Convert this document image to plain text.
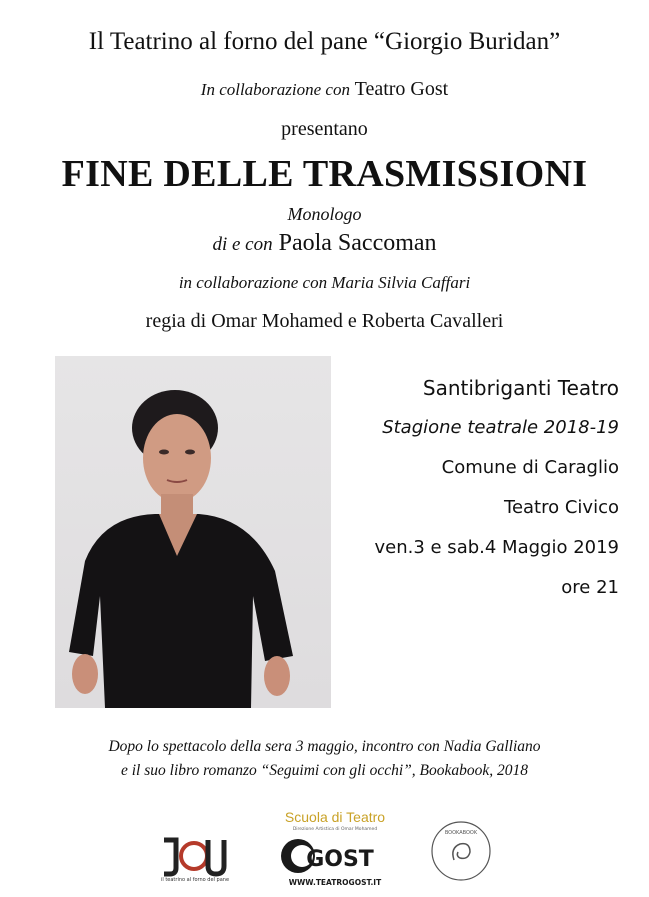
Il Teatrino al forno del pane “Giorgio Buridan”
In collaborazione con Teatro Gost
presentano
FINE DELLE TRASMISSIONI
Monologo
di e con Paola Saccoman
in collaborazione con Maria Silvia Caffari
regia di Omar Mohamed e Roberta Cavalleri
Santibriganti Teatro
Stagione teatrale 2018-19
Comune di Caraglio
Teatro Civico
ven.3 e sab.4 Maggio 2019
ore 21
Dopo lo spettacolo della sera 3 maggio, incontro con Nadia Galliano
e il suo libro romanzo “Seguimi con gli occhi”, Bookabook, 2018
il teatrino al forno del pane
Scuola di Teatro
Direzione Artistica di Omar Mohamed
GOST
WWW.TEATROGOST.IT
BOOKABOOK
